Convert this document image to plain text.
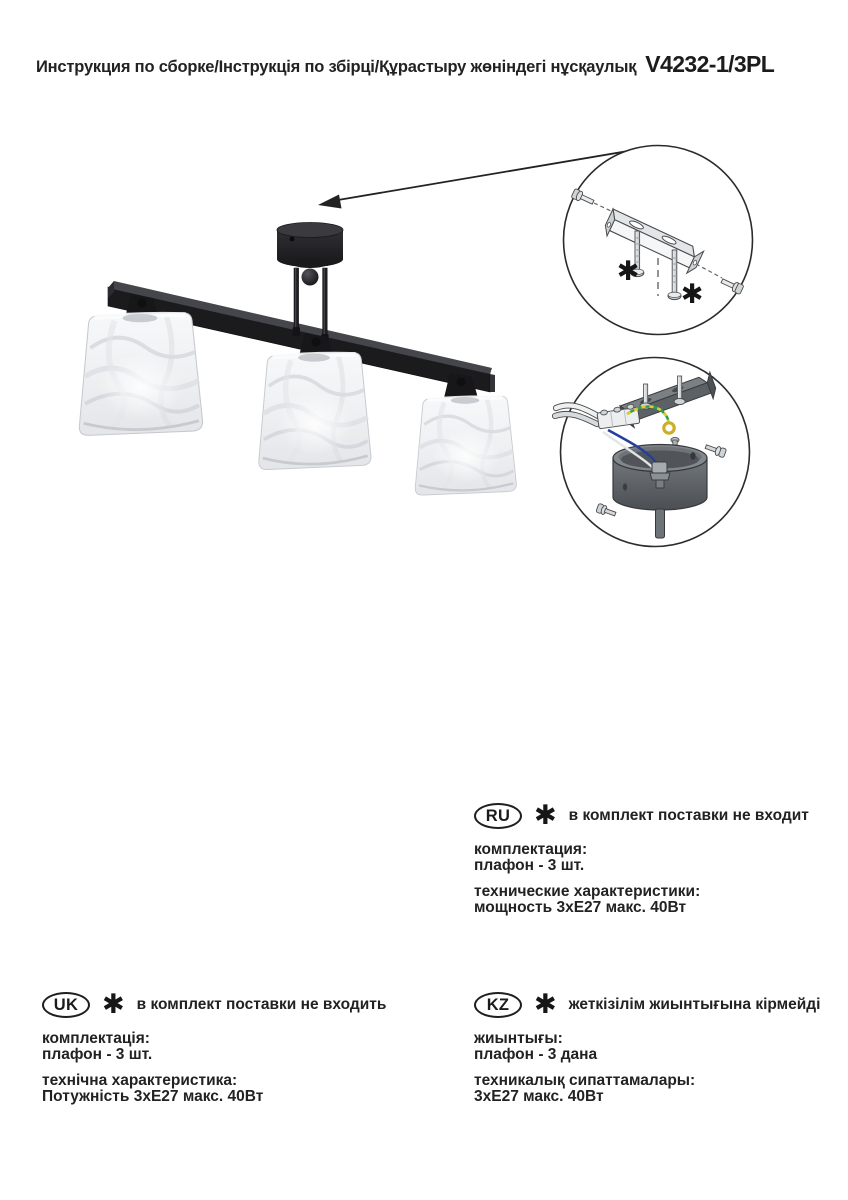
Инструкция по сборке/Інструкція по збірці/Құрастыру жөніндегі нұсқаулық V4232-1/3PL
✱
✱
RU ✱ в комплект поставки не входит
комплектация:
плафон - 3 шт.
технические характеристики:
мощность 3хЕ27 макс. 40Вт
UK ✱ в комплект поставки не входить
комплектація:
плафон - 3 шт.
технічна характеристика:
Потужність 3хЕ27 макс. 40Вт
KZ ✱ жеткізілім жиынтығына кірмейді
жиынтығы:
плафон - 3 дана
техникалық сипаттамалары:
3хЕ27 макс. 40Вт
